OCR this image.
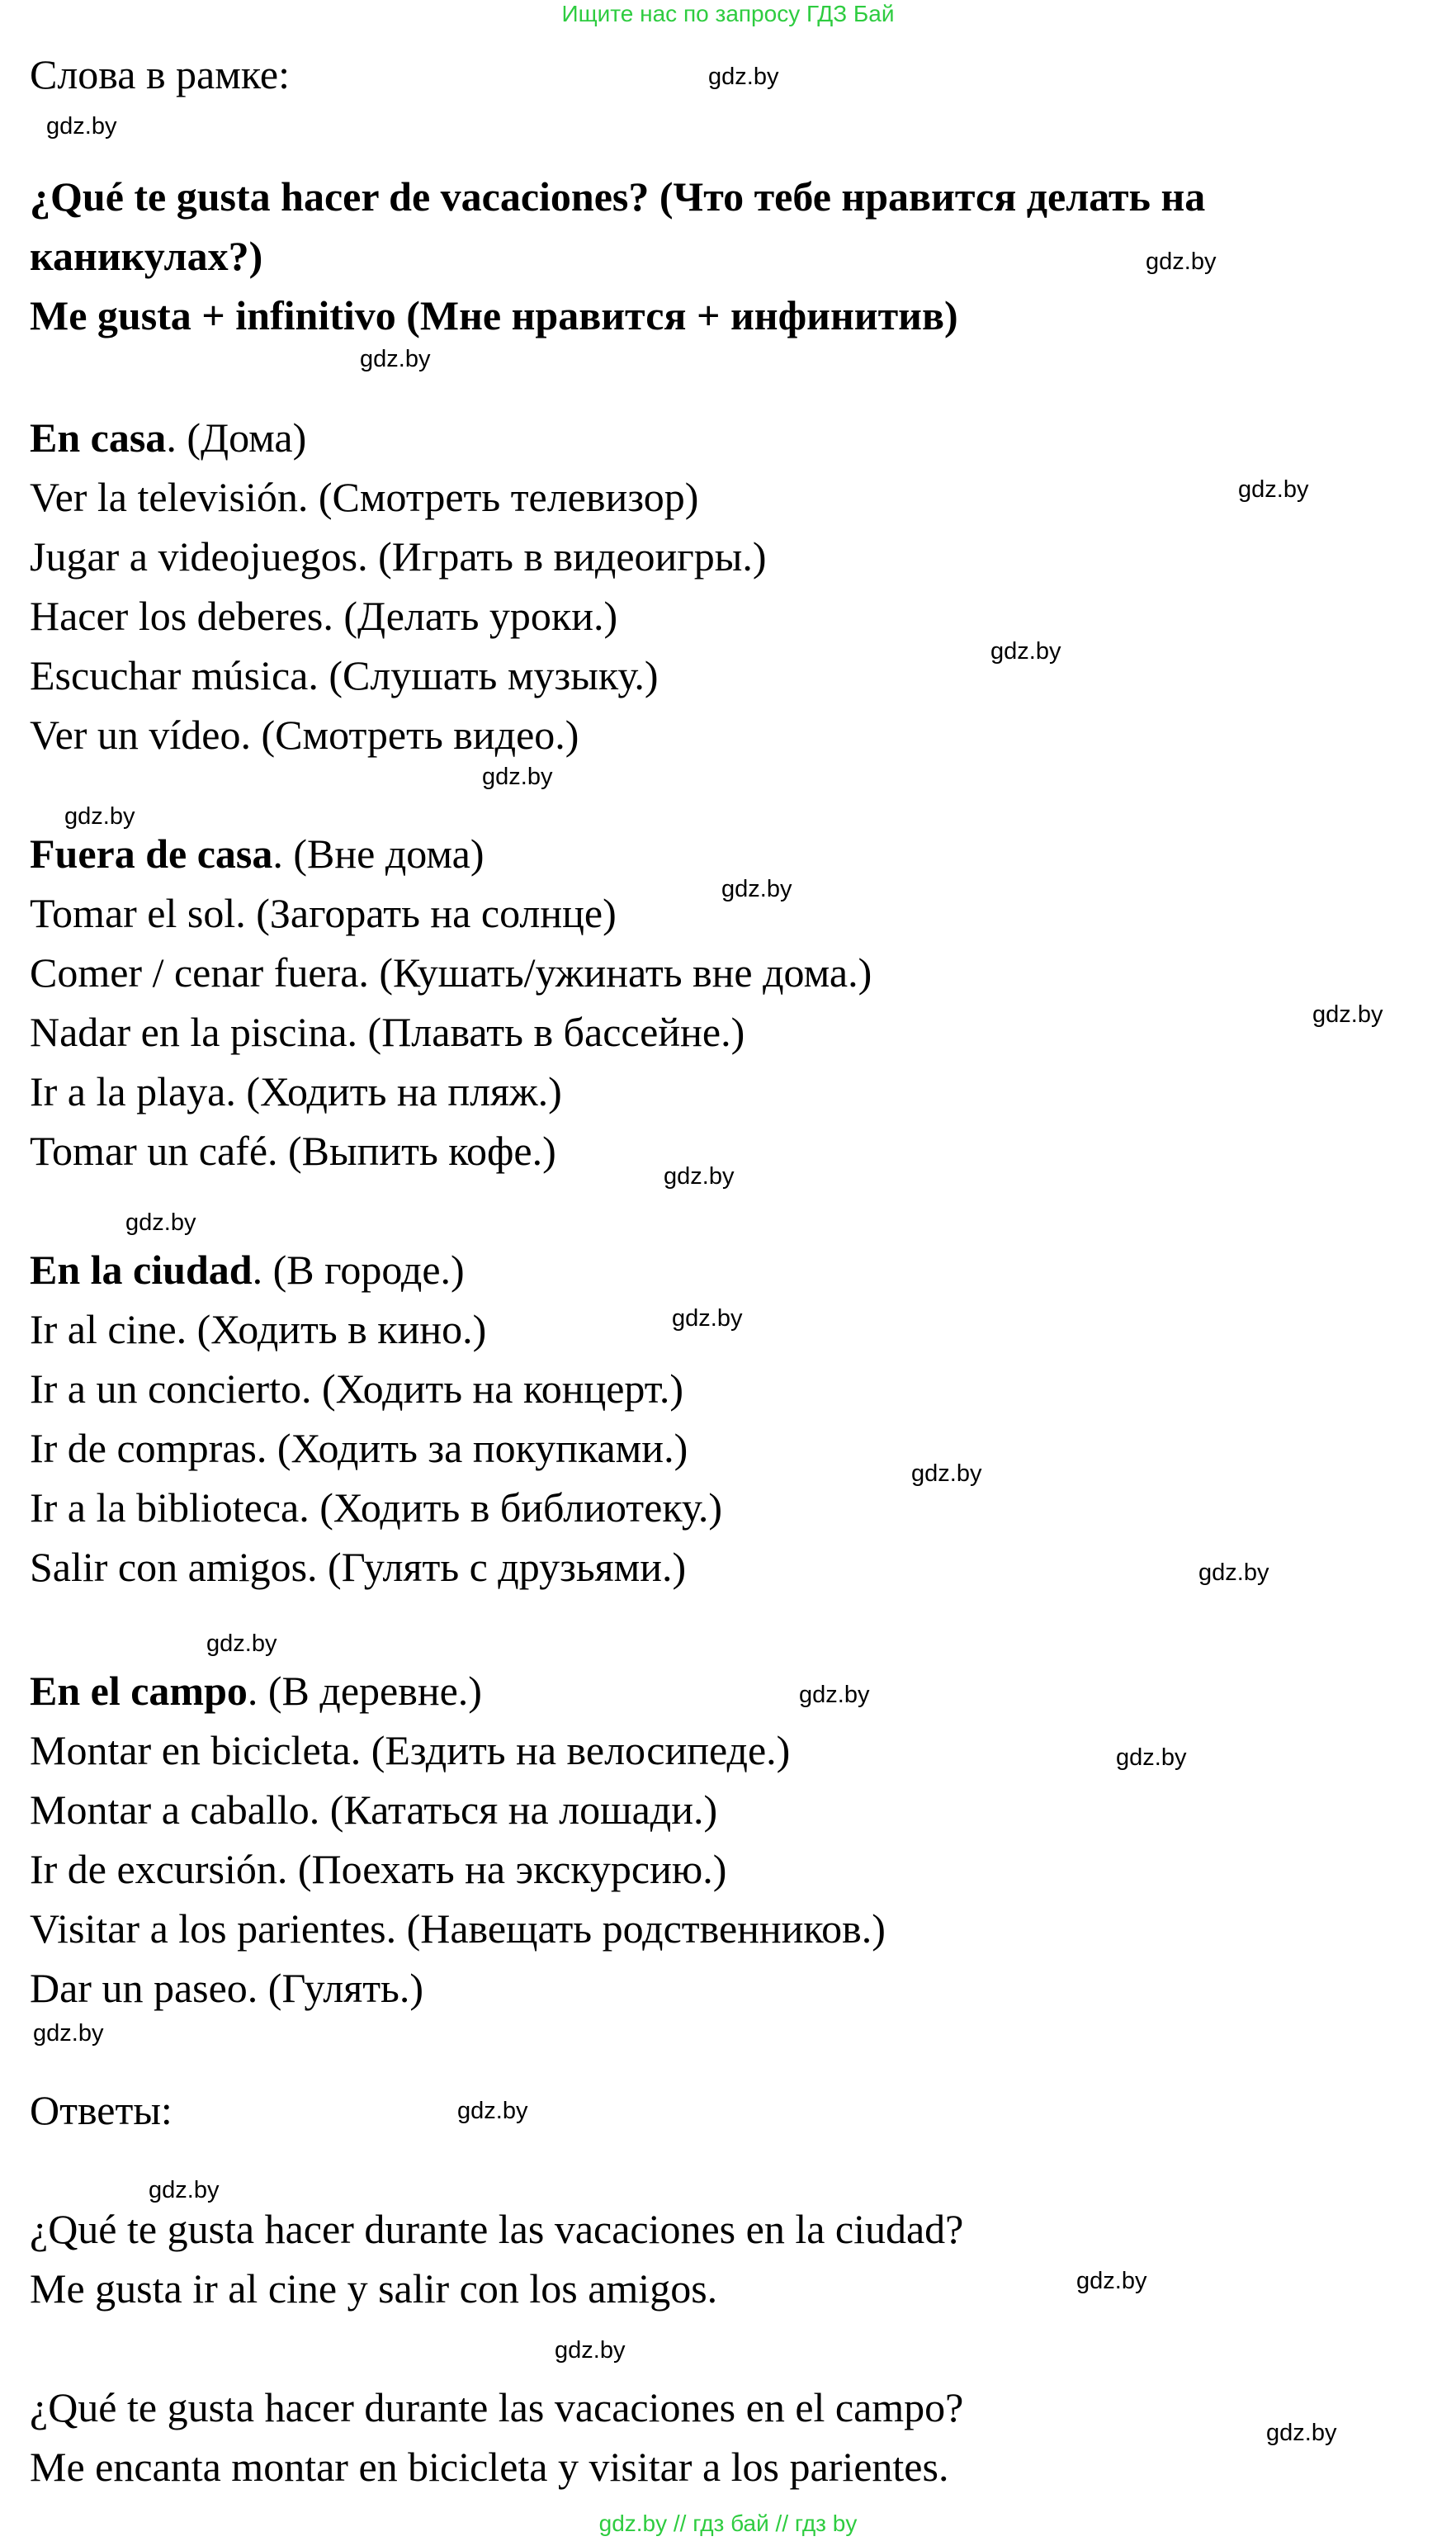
Ищите нас по запросу ГДЗ Бай
Слова в рамке:	gdz.by
gdz.by
¿Qué te gusta hacer de vacaciones? (Что тебе нравится делать на
каникулах?)	gdz.by
Me gusta + infinitivo (Мне нравится + инфинитив)
gdz.by
En casa. (Дома)
Ver la televisión. (Смотреть телевизор)	gdz.by
Jugar a videojuegos. (Играть в видеоигры.)
Hacer los deberes. (Делать уроки.)
gdz.by
Escuchar música. (Слушать музыку.)
Ver un vídeo. (Смотреть видео.)
gdz.by
gdz.by
Fuera de casa. (Вне дома)
gdz.by
Tomar el sol. (Загорать на солнце)
Comer / cenar fuera. (Кушать/ужинать вне дома.)
gdz.by
Nadar en la piscina. (Плавать в бассейне.)
Ir a la playa. (Ходить на пляж.)
Tomar un café. (Выпить кофе.)
gdz.by
gdz.by
En la ciudad. (В городе.)
gdz.by
Ir al cine. (Ходить в кино.)
Ir a un concierto. (Ходить на концерт.)
Ir de compras. (Ходить за покупками.)
gdz.by
Ir a la biblioteca. (Ходить в библиотеку.)
Salir con amigos. (Гулять с друзьями.)	gdz.by
gdz.by
En el campo. (В деревне.)	gdz.by
Montar en bicicleta. (Ездить на велосипеде.)	gdz.by
Montar a caballo. (Кататься на лошади.)
Ir de excursión. (Поехать на экскурсию.)
Visitar a los parientes. (Навещать родственников.)
Dar un paseo. (Гулять.)
gdz.by
Ответы:	gdz.by
gdz.by
¿Qué te gusta hacer durante las vacaciones en la ciudad?
Me gusta ir al cine y salir con los amigos.	gdz.by
gdz.by
¿Qué te gusta hacer durante las vacaciones en el campo?
gdz.by
Me encanta montar en bicicleta y visitar a los parientes.
gdz.by // гдз бай // гдз by
